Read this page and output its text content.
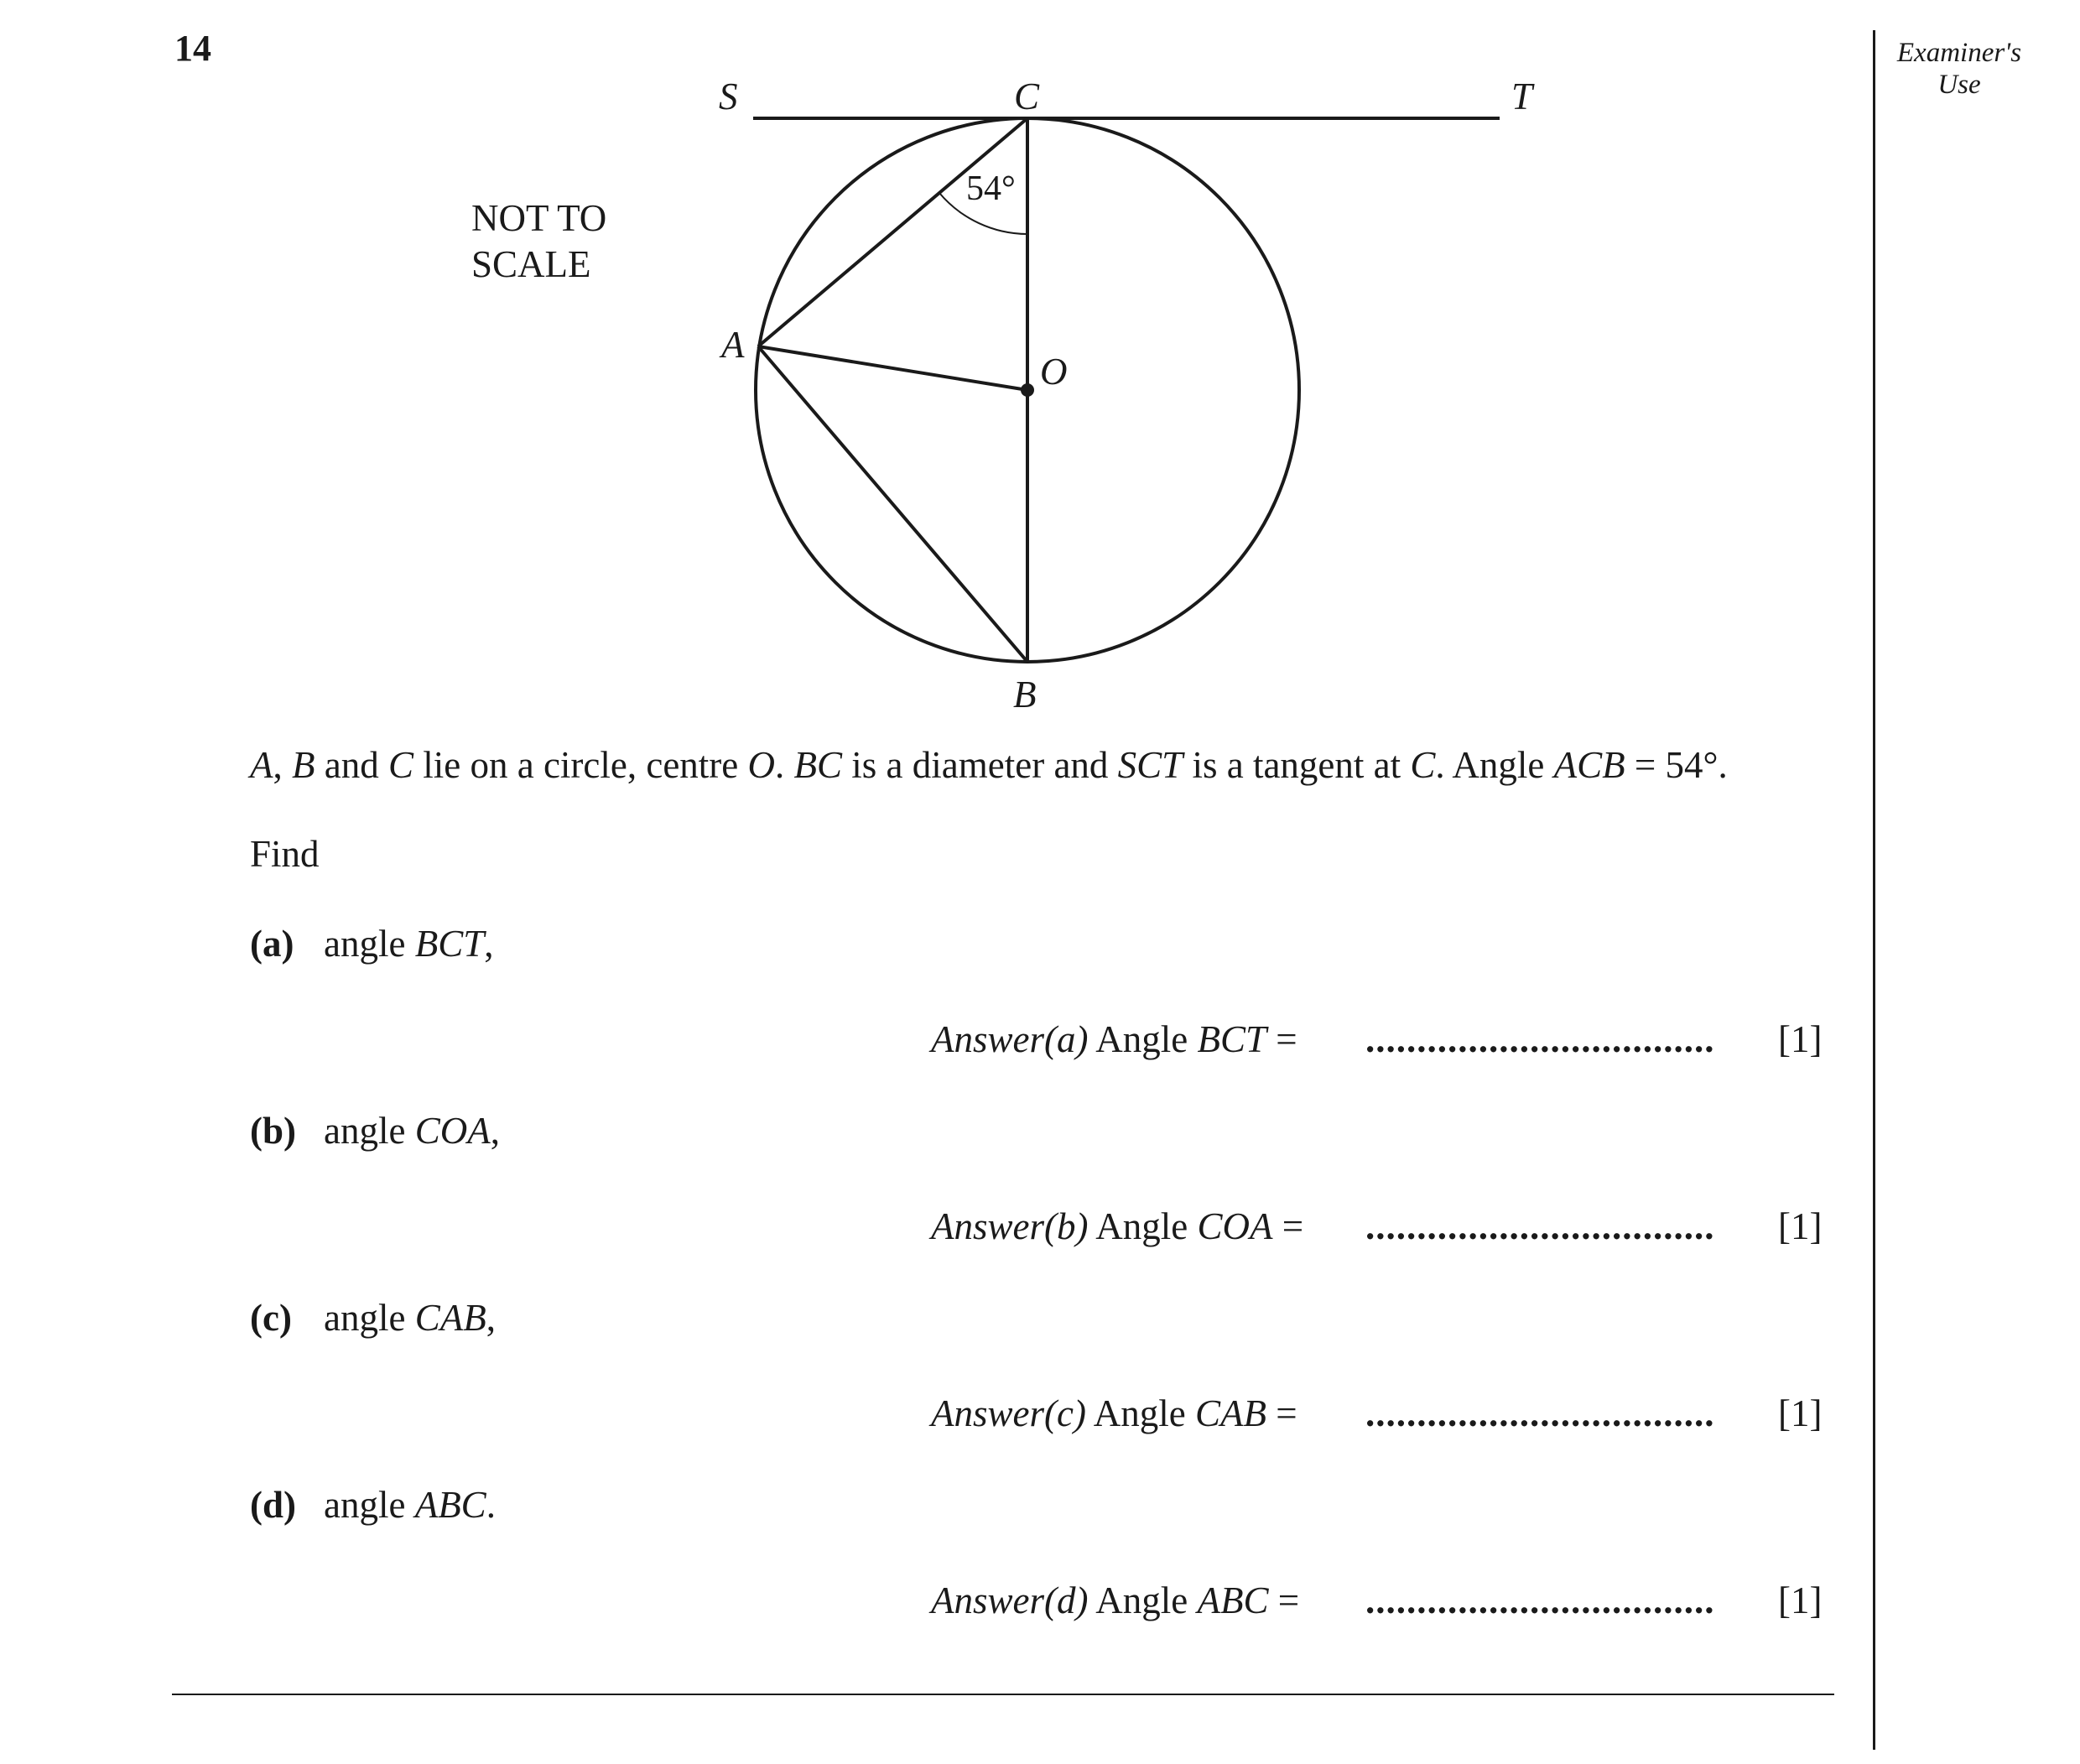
14	Examiner's
Use
NOT TO
SCALE
S	C	T
A
O
B
54°
A, B and C lie on a circle, centre O. BC is a diameter and SCT is a tangent at C. Angle ACB = 54°.
Find
(a) angle BCT,
Answer(a) Angle BCT = .................................. [1]
(b) angle COA,
Answer(b) Angle COA = .................................. [1]
(c) angle CAB,
Answer(c) Angle CAB = .................................. [1]
(d) angle ABC.
Answer(d) Angle ABC = .................................. [1]
